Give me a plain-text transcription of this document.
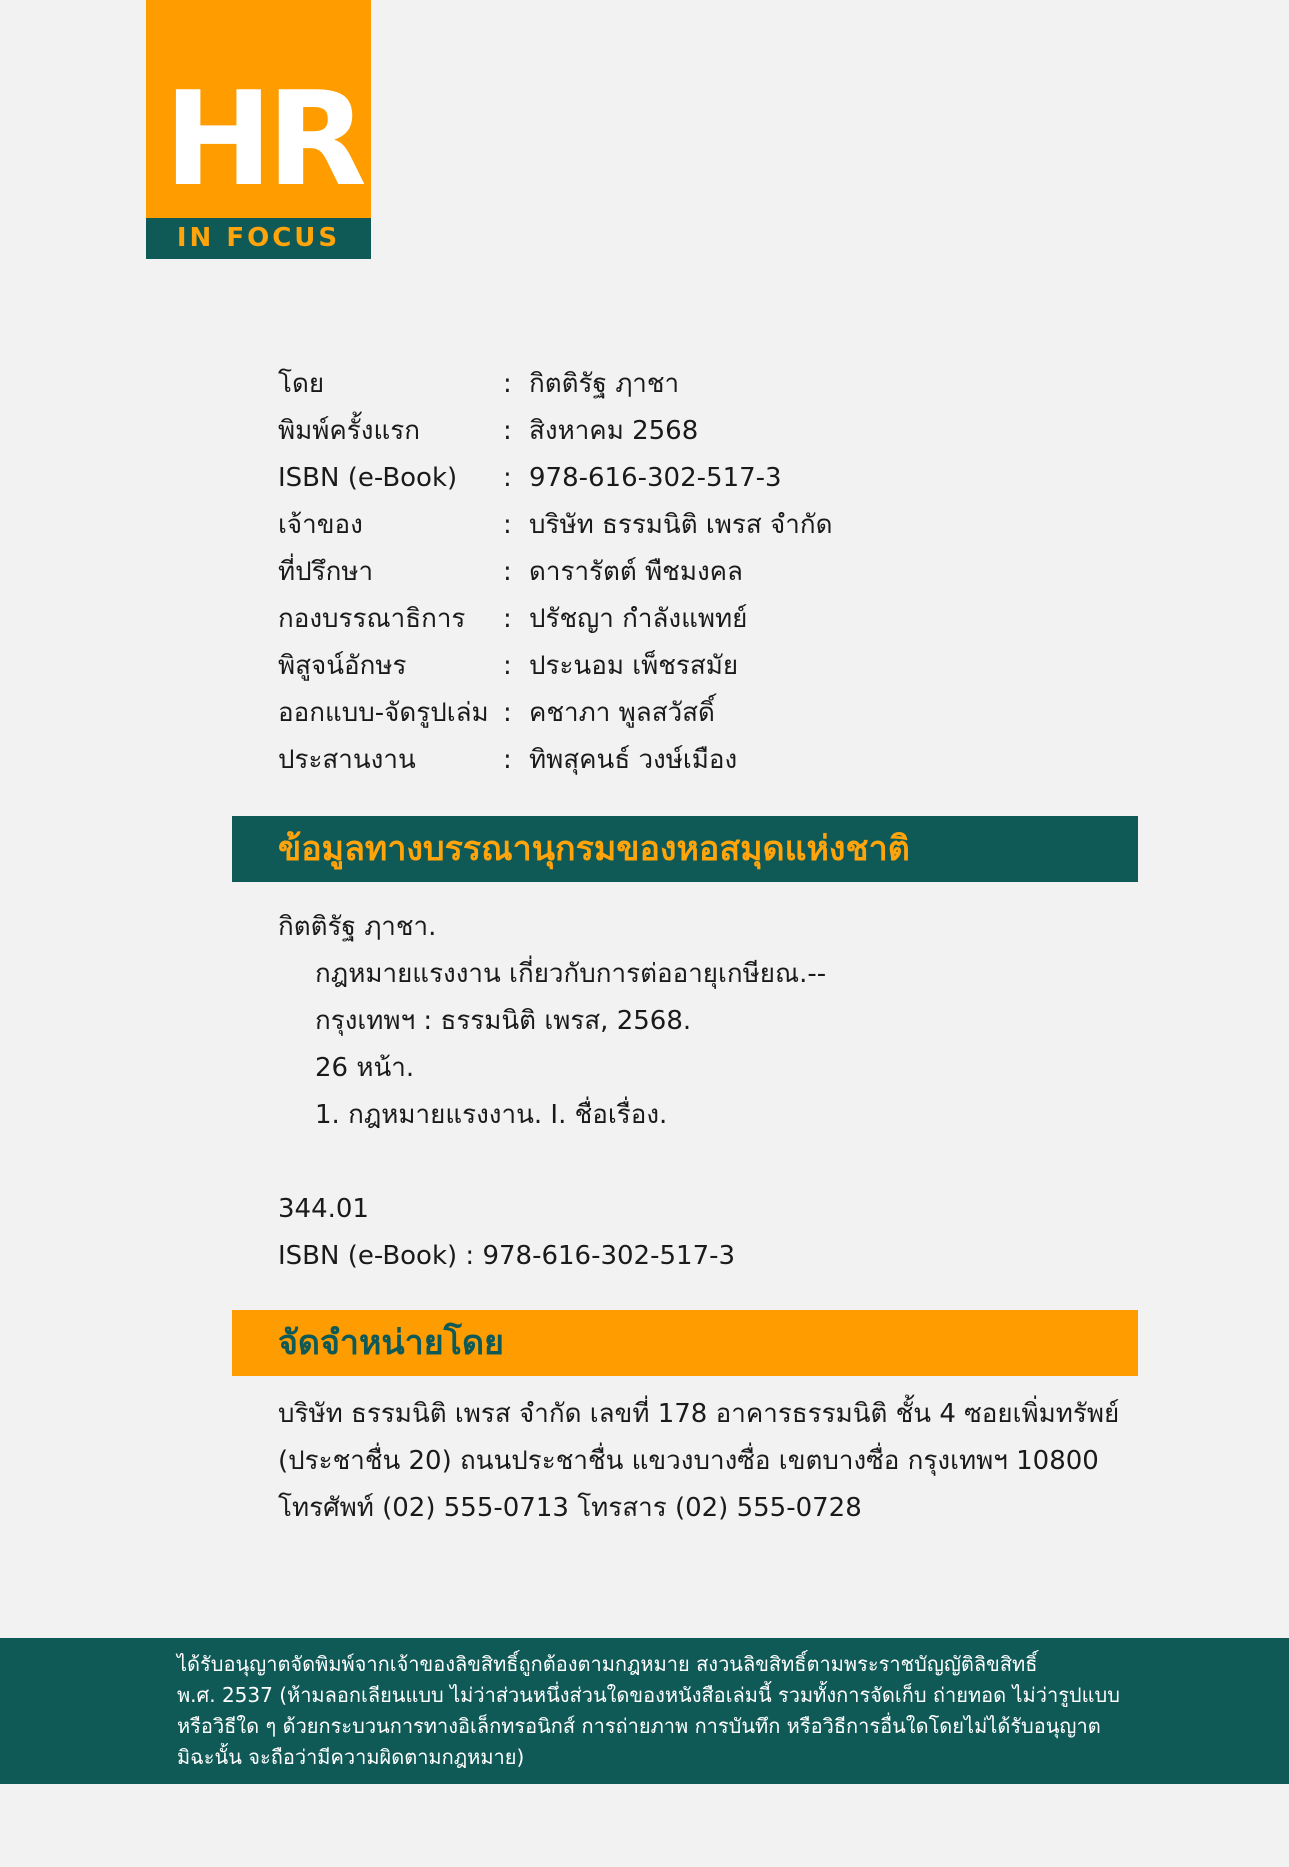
HR
IN FOCUS
โดย	: กิตติรัฐ ฦาชา
พิมพ์ครั้งแรก	: สิงหาคม 2568
ISBN (e-Book)	: 978-616-302-517-3
เจ้าของ	: บริษัท ธรรมนิติ เพรส จำกัด
ที่ปรึกษา	: ดารารัตต์ พืชมงคล
กองบรรณาธิการ	: ปรัชญา กำลังแพทย์
พิสูจน์อักษร	: ประนอม เพ็ชรสมัย
ออกแบบ-จัดรูปเล่ม : คชาภา พูลสวัสดิ์
ประสานงาน	: ทิพสุคนธ์ วงษ์เมือง
ข้อมูลทางบรรณานุกรมของหอสมุดแห่งชาติ
กิตติรัฐ ฦาชา.
กฎหมายแรงงาน เกี่ยวกับการต่ออายุเกษียณ.--
กรุงเทพฯ : ธรรมนิติ เพรส, 2568.
26 หน้า.
1. กฎหมายแรงงาน. I. ชื่อเรื่อง.
344.01
ISBN (e-Book) : 978-616-302-517-3
จัดจำหน่ายโดย
บริษัท ธรรมนิติ เพรส จำกัด เลขที่ 178 อาคารธรรมนิติ ชั้น 4 ซอยเพิ่มทรัพย์
(ประชาชื่น 20) ถนนประชาชื่น แขวงบางซื่อ เขตบางซื่อ กรุงเทพฯ 10800
โทรศัพท์ (02) 555-0713 โทรสาร (02) 555-0728
ได้รับอนุญาตจัดพิมพ์จากเจ้าของลิขสิทธิ์ถูกต้องตามกฎหมาย สงวนลิขสิทธิ์ตามพระราชบัญญัติลิขสิทธิ์
พ.ศ. 2537 (ห้ามลอกเลียนแบบ ไม่ว่าส่วนหนึ่งส่วนใดของหนังสือเล่มนี้ รวมทั้งการจัดเก็บ ถ่ายทอด ไม่ว่ารูปแบบ
หรือวิธีใด ๆ ด้วยกระบวนการทางอิเล็กทรอนิกส์ การถ่ายภาพ การบันทึก หรือวิธีการอื่นใดโดยไม่ได้รับอนุญาต
มิฉะนั้น จะถือว่ามีความผิดตามกฎหมาย)
